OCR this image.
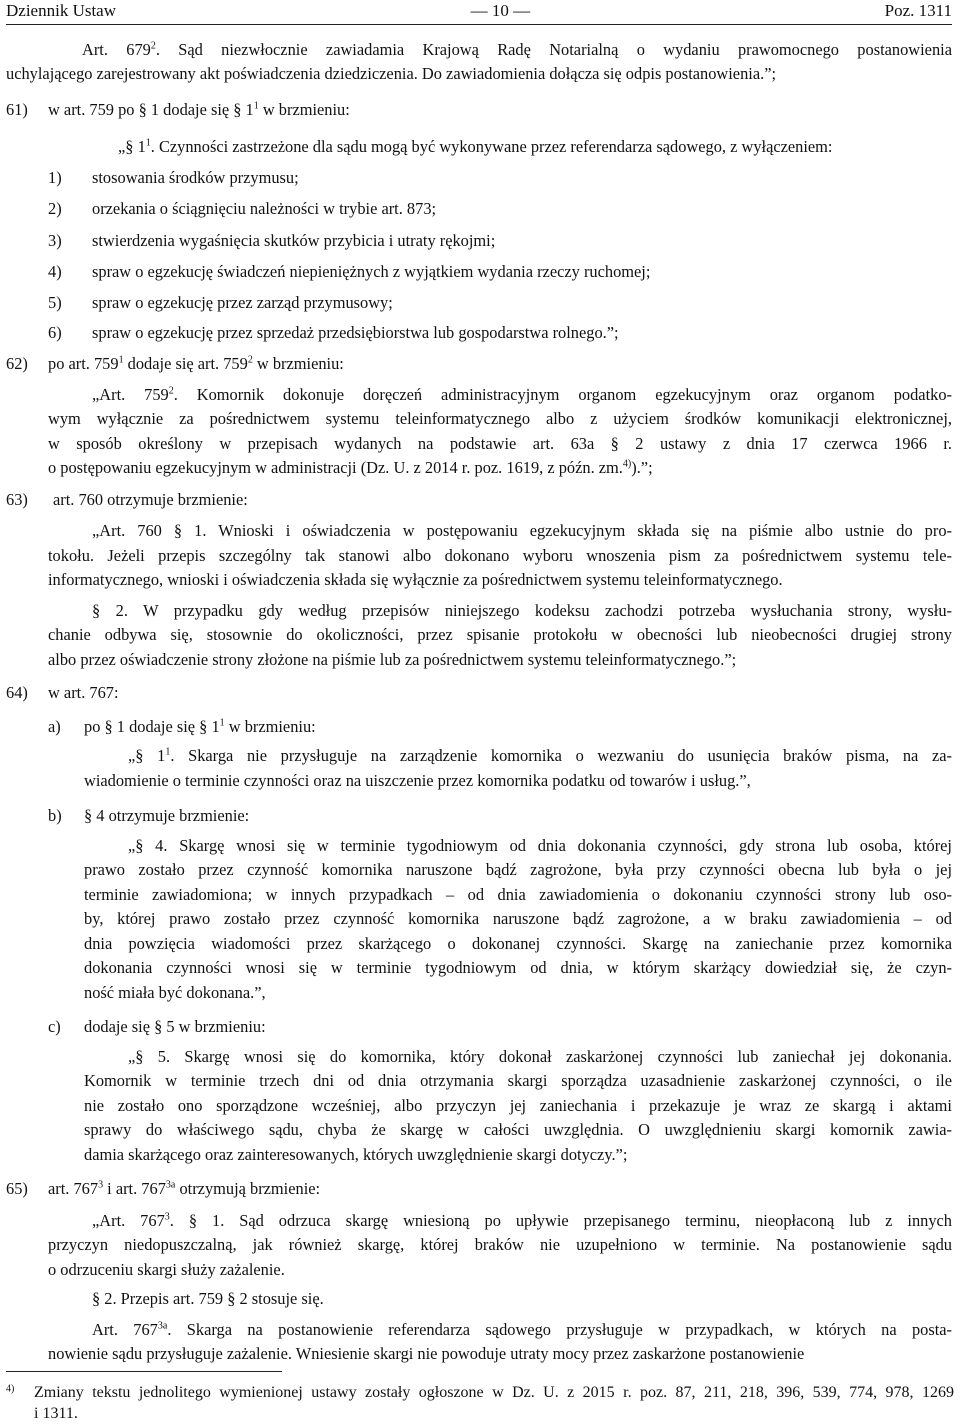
Dziennik Ustaw	— 10 —	Poz. 1311
Art. $679^2$. Sąd niezwłocznie zawiadamia Krajową Radę Notarialną o wydaniu prawomocnego postanowienia
uchylającego zarejestrowany akt poświadczenia dziedziczenia. Do zawiadomienia dołącza się odpis postanowienia.”;
61) w art. 759 po § 1 dodaje się § $1^1$ w brzmieniu:
„§ $1^1$. Czynności zastrzeżone dla sądu mogą być wykonywane przez referendarza sądowego, z wyłączeniem:
1) stosowania środków przymusu;
2) orzekania o ściągnięciu należności w trybie art. 873;
3) stwierdzenia wygaśnięcia skutków przybicia i utraty rękojmi;
4) spraw o egzekucję świadczeń niepieniężnych z wyjątkiem wydania rzeczy ruchomej;
5) spraw o egzekucję przez zarząd przymusowy;
6) spraw o egzekucję przez sprzedaż przedsiębiorstwa lub gospodarstwa rolnego.”;
62) po art. $759^1$ dodaje się art. $759^2$ w brzmieniu:
„Art. $759^2$. Komornik dokonuje doręczeń administracyjnym organom egzekucyjnym oraz organom podatko-
wym wyłącznie za pośrednictwem systemu teleinformatycznego albo z użyciem środków komunikacji elektronicznej,
w sposób określony w przepisach wydanych na podstawie art. 63a § 2 ustawy z dnia 17 czerwca 1966 r.
o postępowaniu egzekucyjnym w administracji (Dz. U. z 2014 r. poz. 1619, z późn. zm.$^{4)}$).”;
63) art. 760 otrzymuje brzmienie:
„Art. 760 § 1. Wnioski i oświadczenia w postępowaniu egzekucyjnym składa się na piśmie albo ustnie do pro-
tokołu. Jeżeli przepis szczególny tak stanowi albo dokonano wyboru wnoszenia pism za pośrednictwem systemu tele-
informatycznego, wnioski i oświadczenia składa się wyłącznie za pośrednictwem systemu teleinformatycznego.
§ 2. W przypadku gdy według przepisów niniejszego kodeksu zachodzi potrzeba wysłuchania strony, wysłu-
chanie odbywa się, stosownie do okoliczności, przez spisanie protokołu w obecności lub nieobecności drugiej strony
albo przez oświadczenie strony złożone na piśmie lub za pośrednictwem systemu teleinformatycznego.”;
64) w art. 767:
a) po § 1 dodaje się § $1^1$ w brzmieniu:
„§ $1^1$. Skarga nie przysługuje na zarządzenie komornika o wezwaniu do usunięcia braków pisma, na za-
wiadomienie o terminie czynności oraz na uiszczenie przez komornika podatku od towarów i usług.”,
b) § 4 otrzymuje brzmienie:
„§ 4. Skargę wnosi się w terminie tygodniowym od dnia dokonania czynności, gdy strona lub osoba, której
prawo zostało przez czynność komornika naruszone bądź zagrożone, była przy czynności obecna lub była o jej
terminie zawiadomiona; w innych przypadkach – od dnia zawiadomienia o dokonaniu czynności strony lub oso-
by, której prawo zostało przez czynność komornika naruszone bądź zagrożone, a w braku zawiadomienia – od
dnia powzięcia wiadomości przez skarżącego o dokonanej czynności. Skargę na zaniechanie przez komornika
dokonania czynności wnosi się w terminie tygodniowym od dnia, w którym skarżący dowiedział się, że czyn-
ność miała być dokonana.”,
c) dodaje się § 5 w brzmieniu:
„§ 5. Skargę wnosi się do komornika, który dokonał zaskarżonej czynności lub zaniechał jej dokonania.
Komornik w terminie trzech dni od dnia otrzymania skargi sporządza uzasadnienie zaskarżonej czynności, o ile
nie zostało ono sporządzone wcześniej, albo przyczyn jej zaniechania i przekazuje je wraz ze skargą i aktami
sprawy do właściwego sądu, chyba że skargę w całości uwzględnia. O uwzględnieniu skargi komornik zawia-
damia skarżącego oraz zainteresowanych, których uwzględnienie skargi dotyczy.”;
65) art. $767^3$ i art. $767^{3a}$ otrzymują brzmienie:
„Art. $767^3$. § 1. Sąd odrzuca skargę wniesioną po upływie przepisanego terminu, nieopłaconą lub z innych
przyczyn niedopuszczalną, jak również skargę, której braków nie uzupełniono w terminie. Na postanowienie sądu
o odrzuceniu skargi służy zażalenie.
§ 2. Przepis art. 759 § 2 stosuje się.
Art. $767^{3a}$. Skarga na postanowienie referendarza sądowego przysługuje w przypadkach, w których na posta-
nowienie sądu przysługuje zażalenie. Wniesienie skargi nie powoduje utraty mocy przez zaskarżone postanowienie
$^{4)}$ Zmiany tekstu jednolitego wymienionej ustawy zostały ogłoszone w Dz. U. z 2015 r. poz. 87, 211, 218, 396, 539, 774, 978, 1269
i 1311.
